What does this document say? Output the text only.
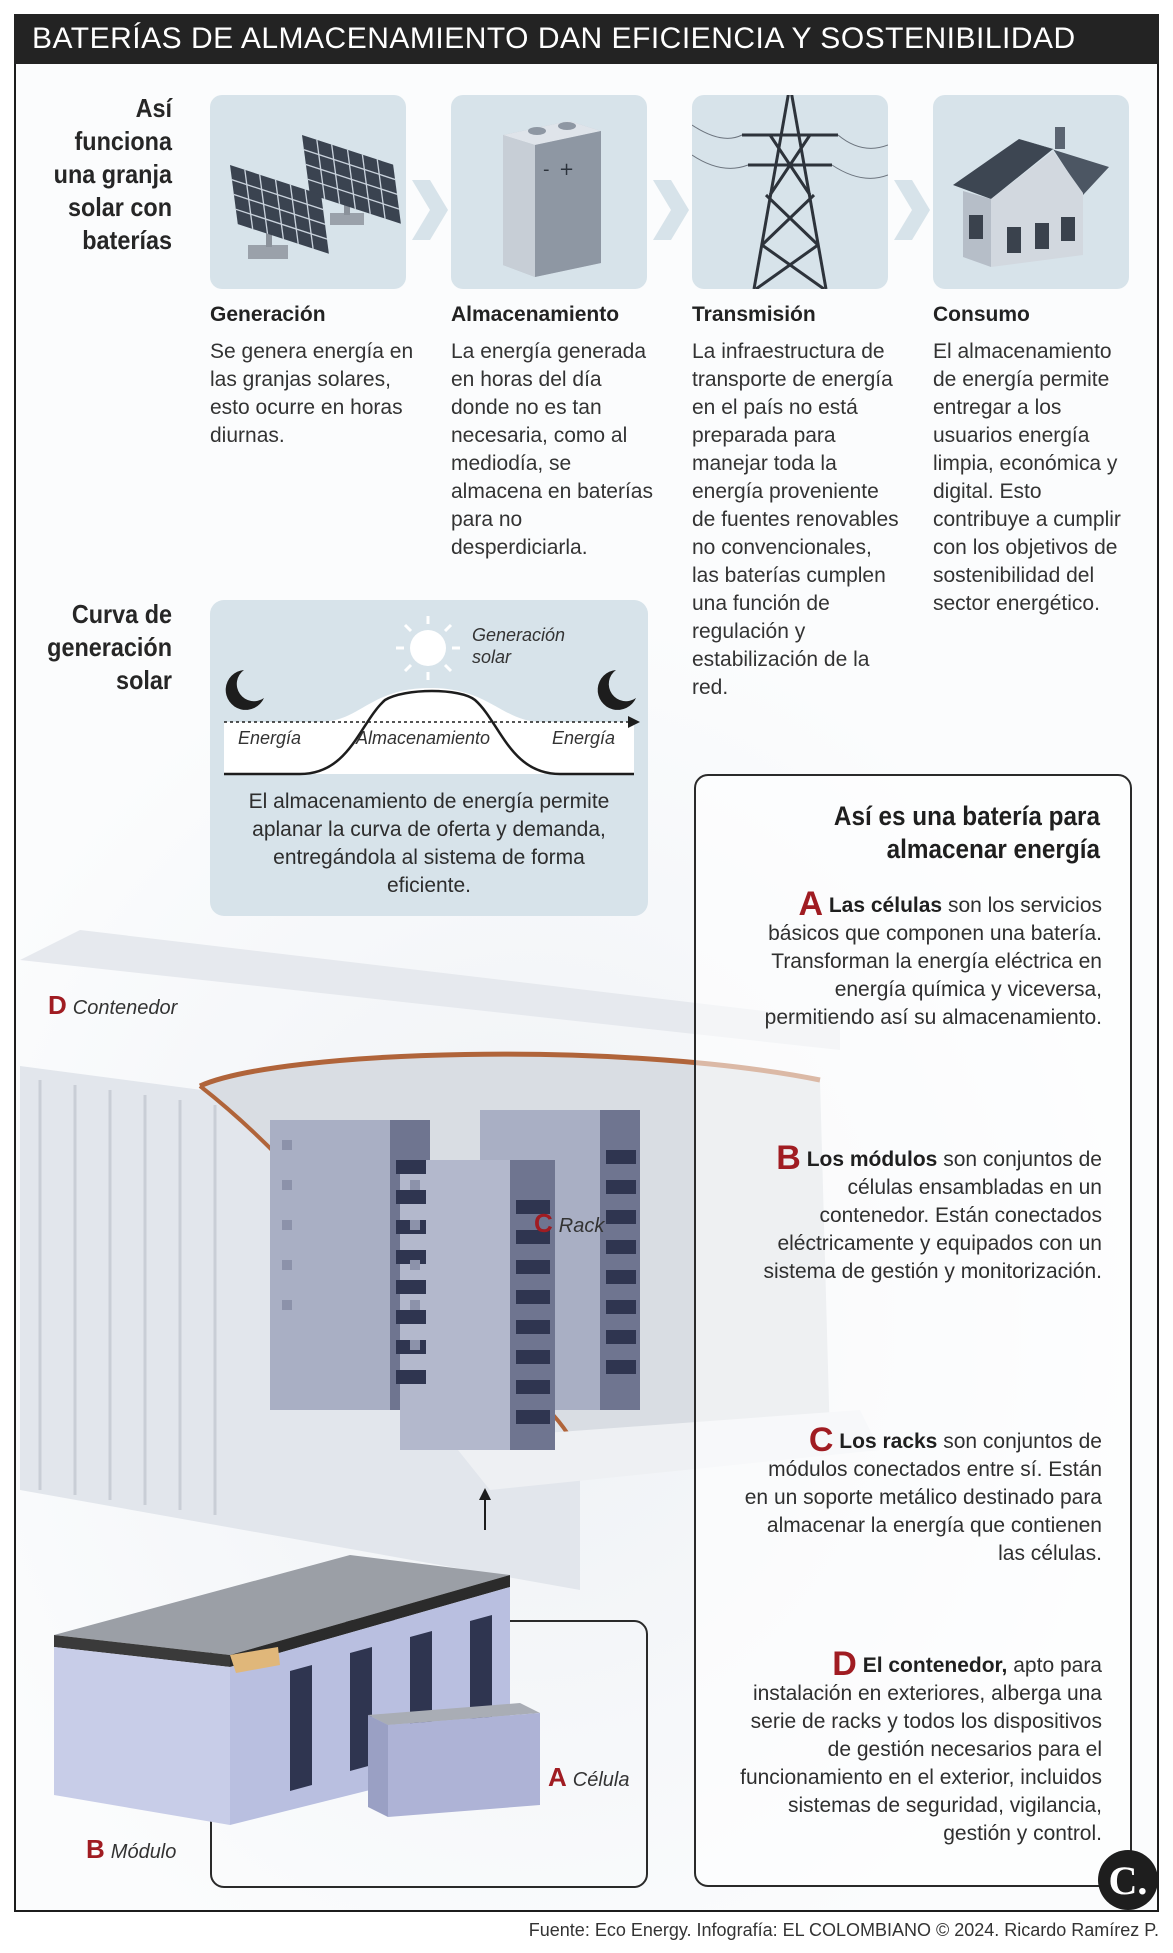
BATERÍAS DE ALMACENAMIENTO DAN EFICIENCIA Y SOSTENIBILIDAD
Así funciona una granja solar con baterías
+
-
Generación	Almacenamiento	Transmisión	Consumo
Se genera energía en las granjas solares, esto ocurre en horas diurnas.
La energía generada en horas del día donde no es tan necesaria, como al mediodía, se almacena en baterías para no desperdiciarla.
La infraestructura de transporte de energía en el país no está preparada para manejar toda la energía proveniente de fuentes renovables no convencionales, las baterías cumplen una función de regulación y estabilización de la red.
El almacenamiento de energía permite entregar a los usuarios energía limpia, económica y digital. Esto contribuye a cumplir con los objetivos de sostenibilidad del sector energético.
Curva de generación solar
Generación solar
Energía	Almacenamiento	Energía
El almacenamiento de energía permite aplanar la curva de oferta y demanda, entregándola al sistema de forma eficiente.
D Contenedor
C Rack
A Célula
B Módulo
Así es una batería para almacenar energía
A Las células son los servicios básicos que componen una batería. Transforman la energía eléctrica en energía química y viceversa, permitiendo así su almacenamiento.
B Los módulos son conjuntos de células ensambladas en un contenedor. Están conectados eléctricamente y equipados con un sistema de gestión y monitorización.
C Los racks son conjuntos de módulos conectados entre sí. Están en un soporte metálico destinado para almacenar la energía que contienen las células.
D El contenedor, apto para instalación en exteriores, alberga una serie de racks y todos los dispositivos de gestión necesarios para el funcionamiento en el exterior, incluidos sistemas de seguridad, vigilancia, gestión y control.
C.
Fuente: Eco Energy. Infografía: EL COLOMBIANO © 2024. Ricardo Ramírez P.
